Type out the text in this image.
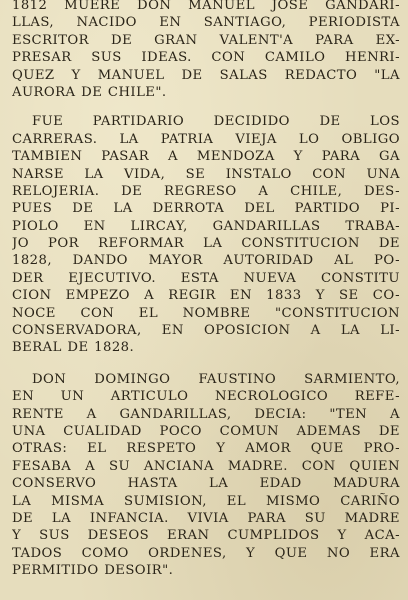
1812 MUERE DON MANUEL JOSE GANDARI-
LLAS, NACIDO EN SANTIAGO, PERIODISTA
ESCRITOR DE GRAN VALENT'A PARA EX-
PRESAR SUS IDEAS. CON CAMILO HENRI-
QUEZ Y MANUEL DE SALAS REDACTO "LA
AURORA DE CHILE".
FUE PARTIDARIO DECIDIDO DE LOS
CARRERAS. LA PATRIA VIEJA LO OBLIGO
TAMBIEN PASAR A MENDOZA Y PARA GA
NARSE LA VIDA, SE INSTALO CON UNA
RELOJERIA. DE REGRESO A CHILE, DES-
PUES DE LA DERROTA DEL PARTIDO PI-
PIOLO EN LIRCAY, GANDARILLAS TRABA-
JO POR REFORMAR LA CONSTITUCION DE
1828, DANDO MAYOR AUTORIDAD AL PO-
DER EJECUTIVO. ESTA NUEVA CONSTITU
CION EMPEZO A REGIR EN 1833 Y SE CO-
NOCE CON EL NOMBRE "CONSTITUCION
CONSERVADORA, EN OPOSICION A LA LI-
BERAL DE 1828.
DON DOMINGO FAUSTINO SARMIENTO,
EN UN ARTICULO NECROLOGICO REFE-
RENTE A GANDARILLAS, DECIA: "TEN A
UNA CUALIDAD POCO COMUN ADEMAS DE
OTRAS: EL RESPETO Y AMOR QUE PRO-
FESABA A SU ANCIANA MADRE. CON QUIEN
CONSERVO HASTA LA EDAD MADURA
LA MISMA SUMISION, EL MISMO CARIÑO
DE LA INFANCIA. VIVIA PARA SU MADRE
Y SUS DESEOS ERAN CUMPLIDOS Y ACA-
TADOS COMO ORDENES, Y QUE NO ERA
PERMITIDO DESOIR".
